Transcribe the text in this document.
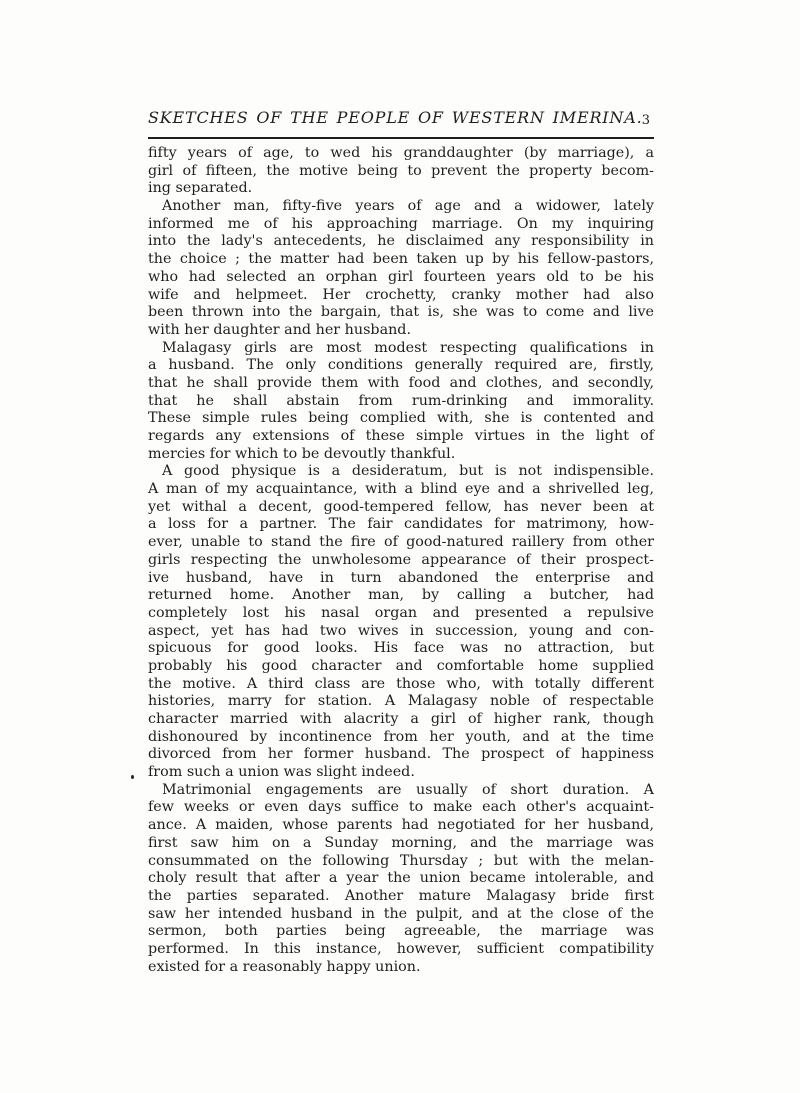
SKETCHES OF THE PEOPLE OF WESTERN IMERINA. 3
fifty years of age, to wed his granddaughter (by marriage), a
girl of fifteen, the motive being to prevent the property becom-
ing separated.
Another man, fifty-five years of age and a widower, lately
informed me of his approaching marriage. On my inquiring
into the lady's antecedents, he disclaimed any responsibility in
the choice ; the matter had been taken up by his fellow-pastors,
who had selected an orphan girl fourteen years old to be his
wife and helpmeet. Her crochetty, cranky mother had also
been thrown into the bargain, that is, she was to come and live
with her daughter and her husband.
Malagasy girls are most modest respecting qualifications in
a husband. The only conditions generally required are, firstly,
that he shall provide them with food and clothes, and secondly,
that he shall abstain from rum-drinking and immorality.
These simple rules being complied with, she is contented and
regards any extensions of these simple virtues in the light of
mercies for which to be devoutly thankful.
A good physique is a desideratum, but is not indispensible.
A man of my acquaintance, with a blind eye and a shrivelled leg,
yet withal a decent, good-tempered fellow, has never been at
a loss for a partner. The fair candidates for matrimony, how-
ever, unable to stand the fire of good-natured raillery from other
girls respecting the unwholesome appearance of their prospect-
ive husband, have in turn abandoned the enterprise and
returned home. Another man, by calling a butcher, had
completely lost his nasal organ and presented a repulsive
aspect, yet has had two wives in succession, young and con-
spicuous for good looks. His face was no attraction, but
probably his good character and comfortable home supplied
the motive. A third class are those who, with totally different
histories, marry for station. A Malagasy noble of respectable
character married with alacrity a girl of higher rank, though
dishonoured by incontinence from her youth, and at the time
divorced from her former husband. The prospect of happiness
from such a union was slight indeed.
Matrimonial engagements are usually of short duration. A
few weeks or even days suffice to make each other's acquaint-
ance. A maiden, whose parents had negotiated for her husband,
first saw him on a Sunday morning, and the marriage was
consummated on the following Thursday ; but with the melan-
choly result that after a year the union became intolerable, and
the parties separated. Another mature Malagasy bride first
saw her intended husband in the pulpit, and at the close of the
sermon, both parties being agreeable, the marriage was
performed. In this instance, however, sufficient compatibility
existed for a reasonably happy union.
